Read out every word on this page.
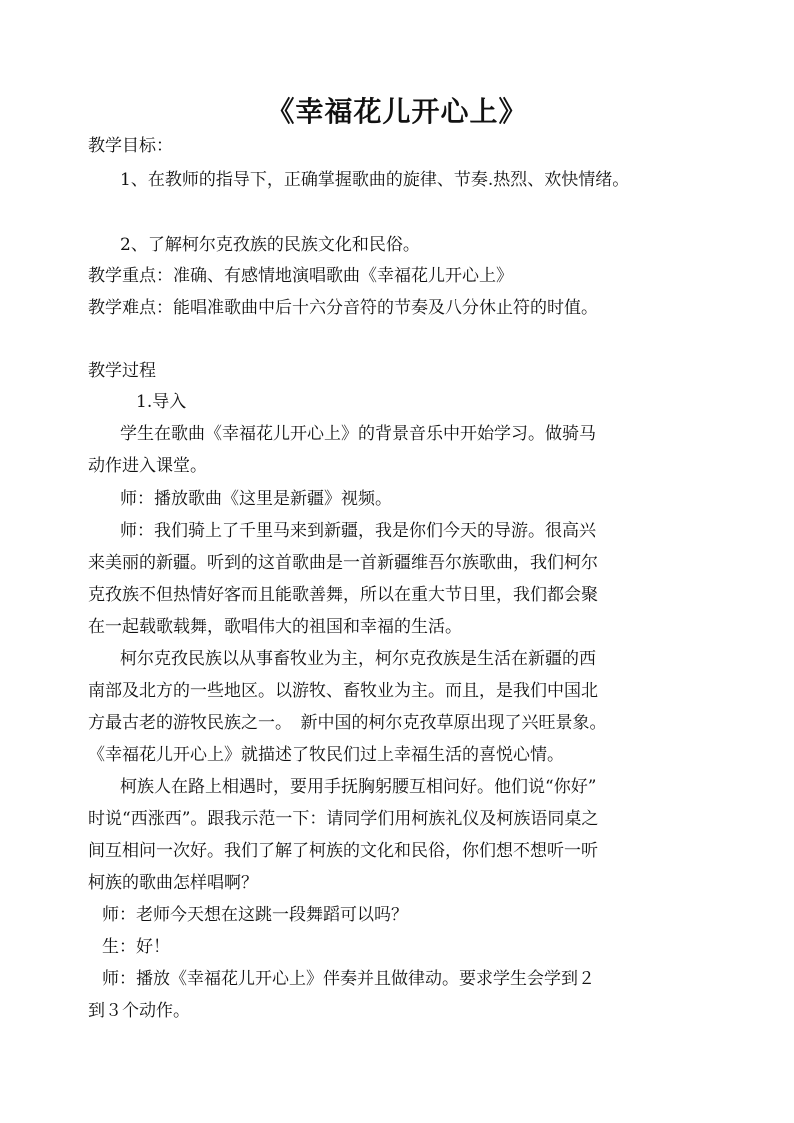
《幸福花儿开心上》
教学目标：
1、在教师的指导下，正确掌握歌曲的旋律、节奏.热烈、欢快情绪。
2、了解柯尔克孜族的民族文化和民俗。
教学重点：准确、有感情地演唱歌曲《幸福花儿开心上》
教学难点：能唱准歌曲中后十六分音符的节奏及八分休止符的时值。
教学过程
1.导入
学生在歌曲《幸福花儿开心上》的背景音乐中开始学习。做骑马
动作进入课堂。
师：播放歌曲《这里是新疆》视频。
师：我们骑上了千里马来到新疆，我是你们今天的导游。很高兴
来美丽的新疆。听到的这首歌曲是一首新疆维吾尔族歌曲，我们柯尔
克孜族不但热情好客而且能歌善舞，所以在重大节日里，我们都会聚
在一起载歌载舞，歌唱伟大的祖国和幸福的生活。
柯尔克孜民族以从事畜牧业为主，柯尔克孜族是生活在新疆的西
南部及北方的一些地区。以游牧、畜牧业为主。而且，是我们中国北
方最古老的游牧民族之一。　新中国的柯尔克孜草原出现了兴旺景象。
《幸福花儿开心上》就描述了牧民们过上幸福生活的喜悦心情。
柯族人在路上相遇时，要用手抚胸躬腰互相问好。他们说“你好”
时说“西涨西”。跟我示范一下：请同学们用柯族礼仪及柯族语同桌之
间互相问一次好。我们了解了柯族的文化和民俗，你们想不想听一听
柯族的歌曲怎样唱啊？
师：老师今天想在这跳一段舞蹈可以吗？
生：好！
师：播放《幸福花儿开心上》伴奏并且做律动。要求学生会学到２
到３个动作。
